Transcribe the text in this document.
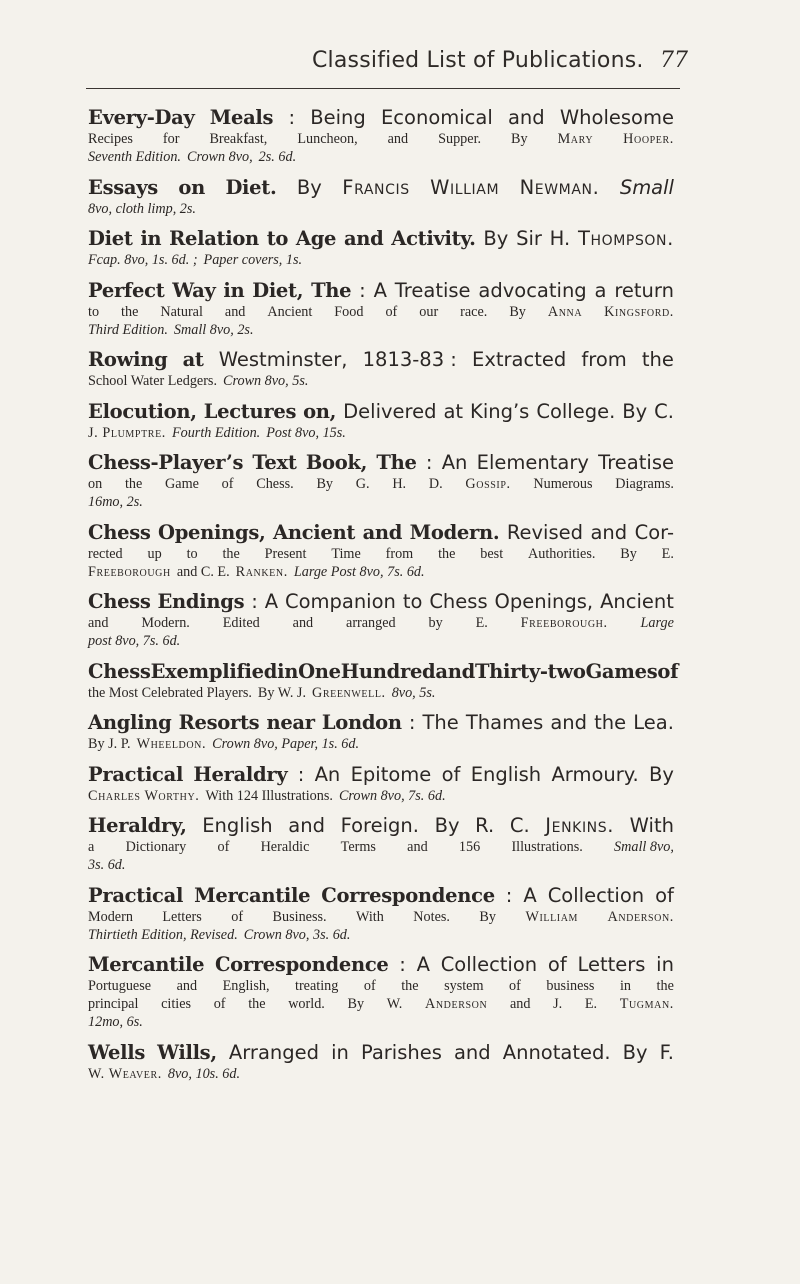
Classified List of Publications. 77
Every-Day Meals : Being Economical and Wholesome
Recipes for Breakfast, Luncheon, and Supper. By Mary Hooper.
Seventh Edition. Crown 8vo, 2s. 6d.
Essays on Diet. By Francis William Newman. Small
8vo, cloth limp, 2s.
Diet in Relation to Age and Activity. By Sir H. Thompson.
Fcap. 8vo, 1s. 6d. ; Paper covers, 1s.
Perfect Way in Diet, The : A Treatise advocating a return
to the Natural and Ancient Food of our race. By Anna Kingsford.
Third Edition. Small 8vo, 2s.
Rowing at Westminster, 1813-83 : Extracted from the
School Water Ledgers. Crown 8vo, 5s.
Elocution, Lectures on, Delivered at King’s College. By C.
J. Plumptre. Fourth Edition. Post 8vo, 15s.
Chess-Player’s Text Book, The : An Elementary Treatise
on the Game of Chess. By G. H. D. Gossip. Numerous Diagrams.
16mo, 2s.
Chess Openings, Ancient and Modern. Revised and Cor-
rected up to the Present Time from the best Authorities. By E.
Freeborough and C. E. Ranken. Large Post 8vo, 7s. 6d.
Chess Endings : A Companion to Chess Openings, Ancient
and Modern. Edited and arranged by E. Freeborough. Large
post 8vo, 7s. 6d.
Chess Exemplified in One Hundred and Thirty-two Games of
the Most Celebrated Players. By W. J. Greenwell. 8vo, 5s.
Angling Resorts near London : The Thames and the Lea.
By J. P. Wheeldon. Crown 8vo, Paper, 1s. 6d.
Practical Heraldry : An Epitome of English Armoury. By
Charles Worthy. With 124 Illustrations. Crown 8vo, 7s. 6d.
Heraldry, English and Foreign. By R. C. Jenkins. With
a Dictionary of Heraldic Terms and 156 Illustrations. Small 8vo,
3s. 6d.
Practical Mercantile Correspondence : A Collection of
Modern Letters of Business. With Notes. By William Anderson.
Thirtieth Edition, Revised. Crown 8vo, 3s. 6d.
Mercantile Correspondence : A Collection of Letters in
Portuguese and English, treating of the system of business in the
principal cities of the world. By W. Anderson and J. E. Tugman.
12mo, 6s.
Wells Wills, Arranged in Parishes and Annotated. By F.
W. Weaver. 8vo, 10s. 6d.
